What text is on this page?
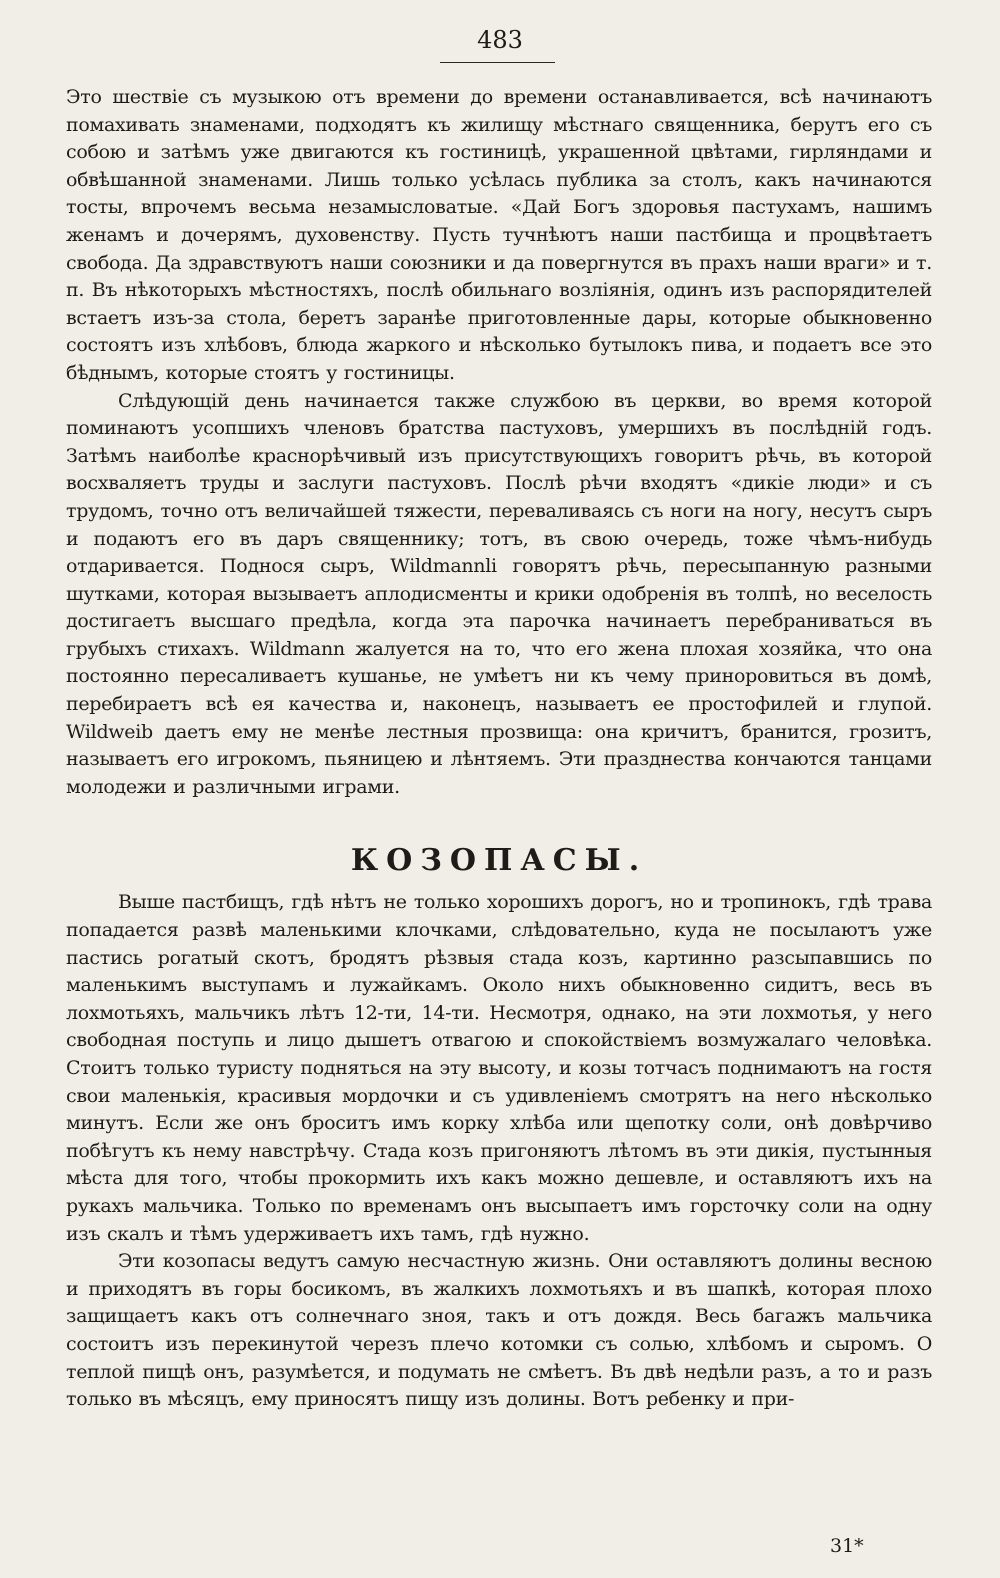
483

Это шествіе съ музыкою отъ времени до времени останавливается, всѣ начинаютъ помахивать знаменами, подходятъ къ жилищу мѣстнаго священника, берутъ его съ собою и затѣмъ уже двигаются къ гостиницѣ, украшенной цвѣтами, гирляндами и обвѣшанной знаменами. Лишь только усѣлась публика за столъ, какъ начинаются тосты, впрочемъ весьма незамысловатые. «Дай Богъ здоровья пастухамъ, нашимъ женамъ и дочерямъ, духовенству. Пусть тучнѣютъ наши пастбища и процвѣтаетъ свобода. Да здравствуютъ наши союзники и да повергнутся въ прахъ наши враги» и т. п. Въ нѣкоторыхъ мѣстностяхъ, послѣ обильнаго возліянія, одинъ изъ распорядителей встаетъ изъ-за стола, беретъ заранѣе приготовленные дары, которые обыкновенно состоятъ изъ хлѣбовъ, блюда жаркого и нѣсколько бутылокъ пива, и подаетъ все это бѣднымъ, которые стоятъ у гостиницы.

Слѣдующій день начинается также службою въ церкви, во время которой поминаютъ усопшихъ членовъ братства пастуховъ, умершихъ въ послѣдній годъ. Затѣмъ наиболѣе краснорѣчивый изъ присутствующихъ говоритъ рѣчь, въ которой восхваляетъ труды и заслуги пастуховъ. Послѣ рѣчи входятъ «дикіе люди» и съ трудомъ, точно отъ величайшей тяжести, переваливаясь съ ноги на ногу, несутъ сыръ и подаютъ его въ даръ священнику; тотъ, въ свою очередь, тоже чѣмъ-нибудь отдаривается. Поднося сыръ, Wildmannli говорятъ рѣчь, пересыпанную разными шутками, которая вызываетъ аплодисменты и крики одобренія въ толпѣ, но веселость достигаетъ высшаго предѣла, когда эта парочка начинаетъ перебраниваться въ грубыхъ стихахъ. Wildmann жалуется на то, что его жена плохая хозяйка, что она постоянно пересаливаетъ кушанье, не умѣетъ ни къ чему приноровиться въ домѣ, перебираетъ всѣ ея качества и, наконецъ, называетъ ее простофилей и глупой. Wildweib даетъ ему не менѣе лестныя прозвища: она кричитъ, бранится, грозитъ, называетъ его игрокомъ, пьяницею и лѣнтяемъ. Эти празднества кончаются танцами молодежи и различными играми.

КОЗОПАСЫ.

Выше пастбищъ, гдѣ нѣтъ не только хорошихъ дорогъ, но и тропинокъ, гдѣ трава попадается развѣ маленькими клочками, слѣдовательно, куда не посылаютъ уже пастись рогатый скотъ, бродятъ рѣзвыя стада козъ, картинно разсыпавшись по маленькимъ выступамъ и лужайкамъ. Около нихъ обыкновенно сидитъ, весь въ лохмотьяхъ, мальчикъ лѣтъ 12-ти, 14-ти. Несмотря, однако, на эти лохмотья, у него свободная поступь и лицо дышетъ отвагою и спокойствіемъ возмужалаго человѣка. Стоитъ только туристу подняться на эту высоту, и козы тотчасъ поднимаютъ на гостя свои маленькія, красивыя мордочки и съ удивленіемъ смотрятъ на него нѣсколько минутъ. Если же онъ броситъ имъ корку хлѣба или щепотку соли, онѣ довѣрчиво побѣгутъ къ нему навстрѣчу. Стада козъ пригоняютъ лѣтомъ въ эти дикія, пустынныя мѣста для того, чтобы прокормить ихъ какъ можно дешевле, и оставляютъ ихъ на рукахъ мальчика. Только по временамъ онъ высыпаетъ имъ горсточку соли на одну изъ скалъ и тѣмъ удерживаетъ ихъ тамъ, гдѣ нужно.

Эти козопасы ведутъ самую несчастную жизнь. Они оставляютъ долины весною и приходятъ въ горы босикомъ, въ жалкихъ лохмотьяхъ и въ шапкѣ, которая плохо защищаетъ какъ отъ солнечнаго зноя, такъ и отъ дождя. Весь багажъ мальчика состоитъ изъ перекинутой черезъ плечо котомки съ солью, хлѣбомъ и сыромъ. О теплой пищѣ онъ, разумѣется, и подумать не смѣетъ. Въ двѣ недѣли разъ, а то и разъ только въ мѣсяцъ, ему приносятъ пищу изъ долины. Вотъ ребенку и при-

31*
